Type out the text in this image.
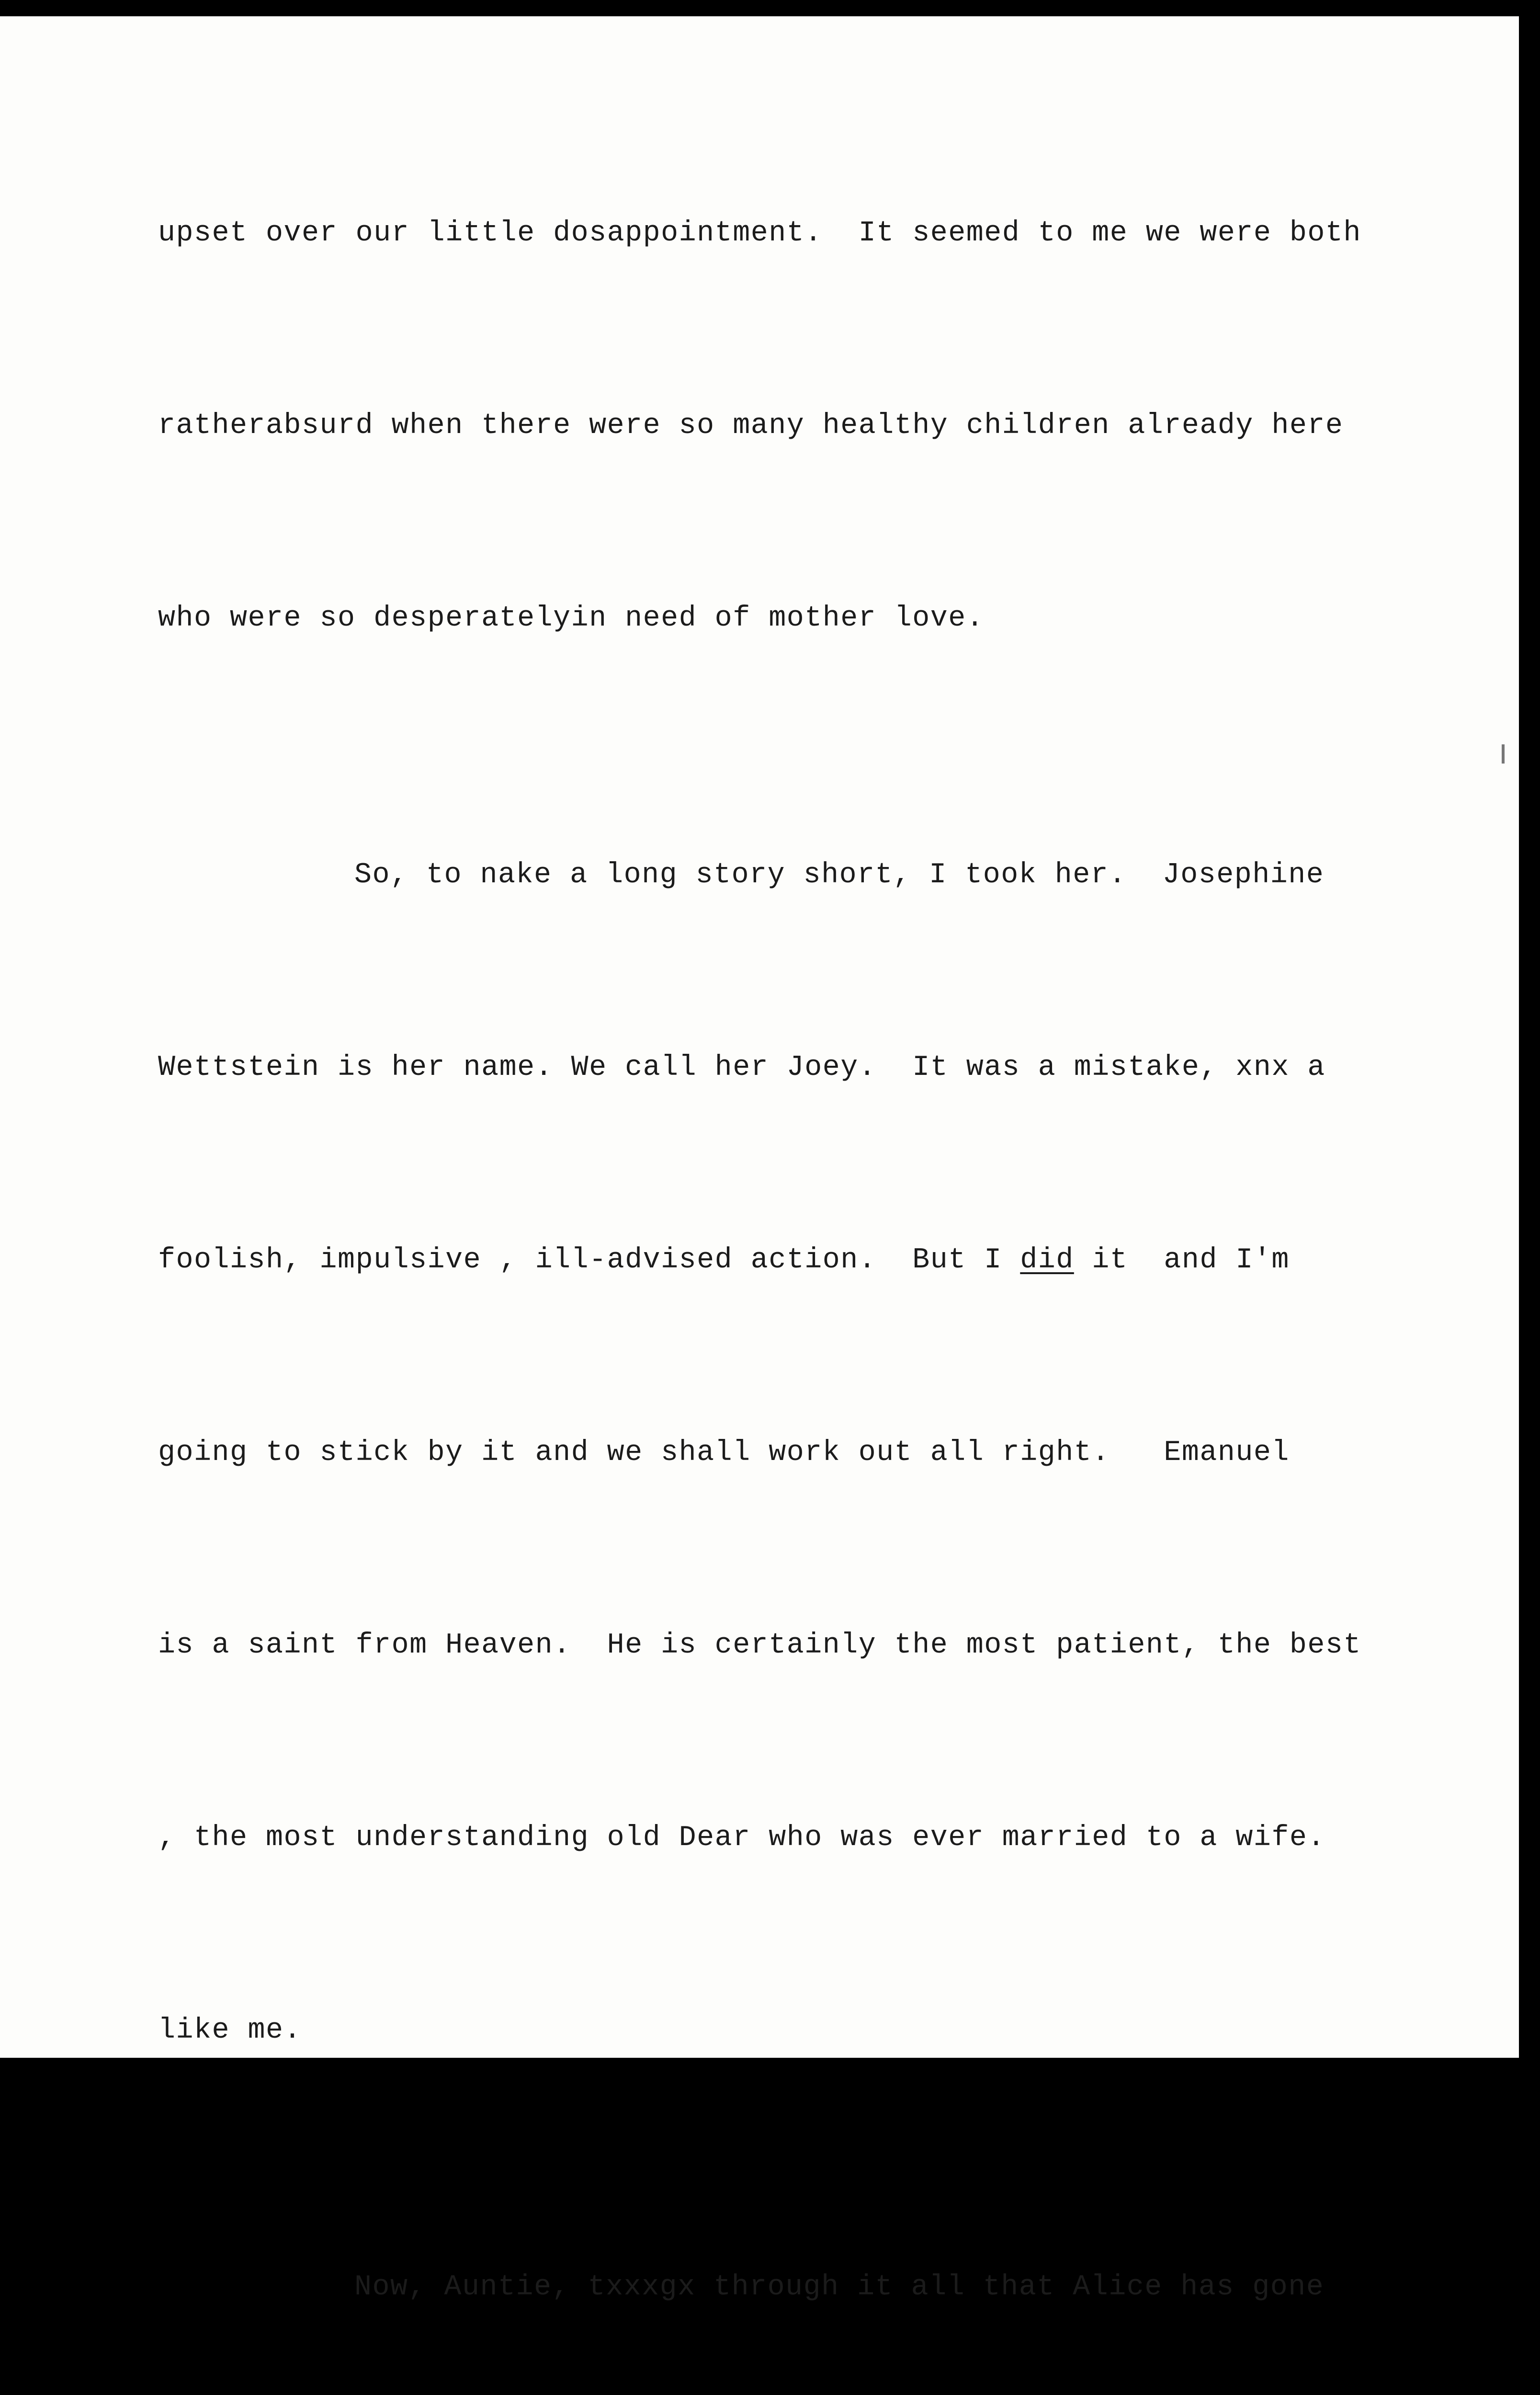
upset over our little dosappointment.  It seemed to me we were both

ratherabsurd when there were so many healthy children already here

who were so desperatelyin need of mother love.

So, to nake a long story short, I took her.  Josephine

Wettstein is her name. We call her Joey.  It was a mistake, xnx a

foolish, impulsive , ill-advised action.  But I did it  and I'm

going to stick by it and we shall work out all right.   Emanuel

is a saint from Heaven.  He is certainly the most patient, the best

, the most understanding old Dear who was ever married to a wife.

like me.

Now, Auntie, txxxgx through it all that Alice has gone
